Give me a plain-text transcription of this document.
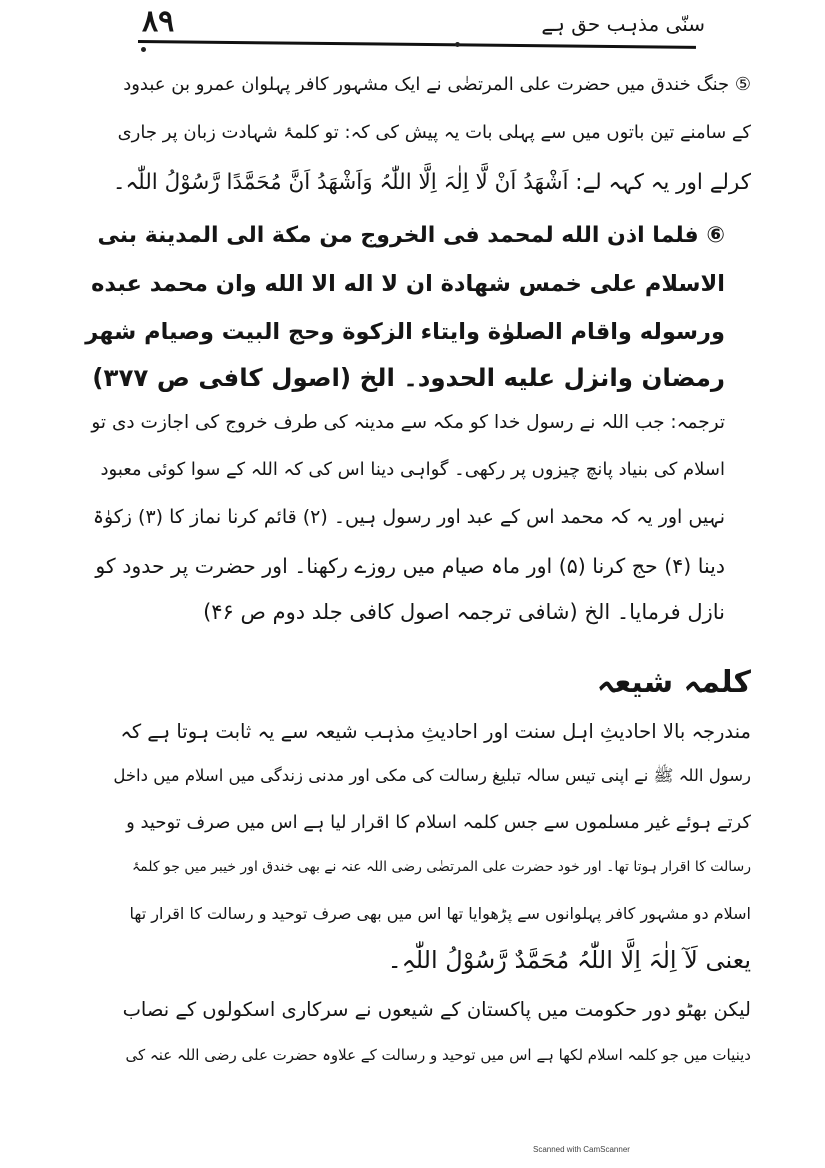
۸۹	سنّی مذہب حق ہے
⑤ جنگ خندق میں حضرت علی المرتضٰی نے ایک مشہور کافر پہلوان عمرو بن عبدود
کے سامنے تین باتوں میں سے پہلی بات یہ پیش کی کہ: تو کلمۂ شہادت زبان پر جاری
کرلے اور یہ کہہ لے: اَشْھَدُ اَنْ لَّا اِلٰہَ اِلَّا اللّٰہُ وَاَشْھَدُ اَنَّ مُحَمَّدًا رَّسُوْلُ اللّٰہ۔
⑥ فلما اذن الله لمحمد فى الخروج من مكة الى المدينة بنى
الاسلام على خمس شهادة ان لا اله الا الله وان محمد عبده
ورسوله واقام الصلوٰة وايتاء الزكوة وحج البيت وصيام شهر
رمضان وانزل عليه الحدود۔ الخ (اصول کافی ص ۳۷۷)
ترجمہ: جب اللہ نے رسول خدا کو مکہ سے مدینہ کی طرف خروج کی اجازت دی تو
اسلام کی بنیاد پانچ چیزوں پر رکھی۔ گواہی دینا اس کی کہ اللہ کے سوا کوئی معبود
نہیں اور یہ کہ محمد اس کے عبد اور رسول ہیں۔ (۲) قائم کرنا نماز کا (۳) زکوٰۃ
دینا (۴) حج کرنا (۵) اور ماہ صیام میں روزے رکھنا۔ اور حضرت پر حدود کو
نازل فرمایا۔ الخ (شافی ترجمہ اصول کافی جلد دوم ص ۴۶)
کلمہ شیعہ
مندرجہ بالا احادیثِ اہل سنت اور احادیثِ مذہب شیعہ سے یہ ثابت ہوتا ہے کہ
رسول اللہ ﷺ نے اپنی تیس سالہ تبلیغ رسالت کی مکی اور مدنی زندگی میں اسلام میں داخل
کرتے ہوئے غیر مسلموں سے جس کلمہ اسلام کا اقرار لیا ہے اس میں صرف توحید و
رسالت کا اقرار ہوتا تھا۔ اور خود حضرت علی المرتضٰی رضی اللہ عنہ نے بھی خندق اور خیبر میں جو کلمۂ
اسلام دو مشہور کافر پہلوانوں سے پڑھوایا تھا اس میں بھی صرف توحید و رسالت کا اقرار تھا
یعنی لَآ اِلٰہَ اِلَّا اللّٰہُ مُحَمَّدٌ رَّسُوْلُ اللّٰہِ۔
لیکن بھٹو دور حکومت میں پاکستان کے شیعوں نے سرکاری اسکولوں کے نصاب
دینیات میں جو کلمہ اسلام لکھا ہے اس میں توحید و رسالت کے علاوہ حضرت علی رضی اللہ عنہ کی
Scanned with CamScanner
